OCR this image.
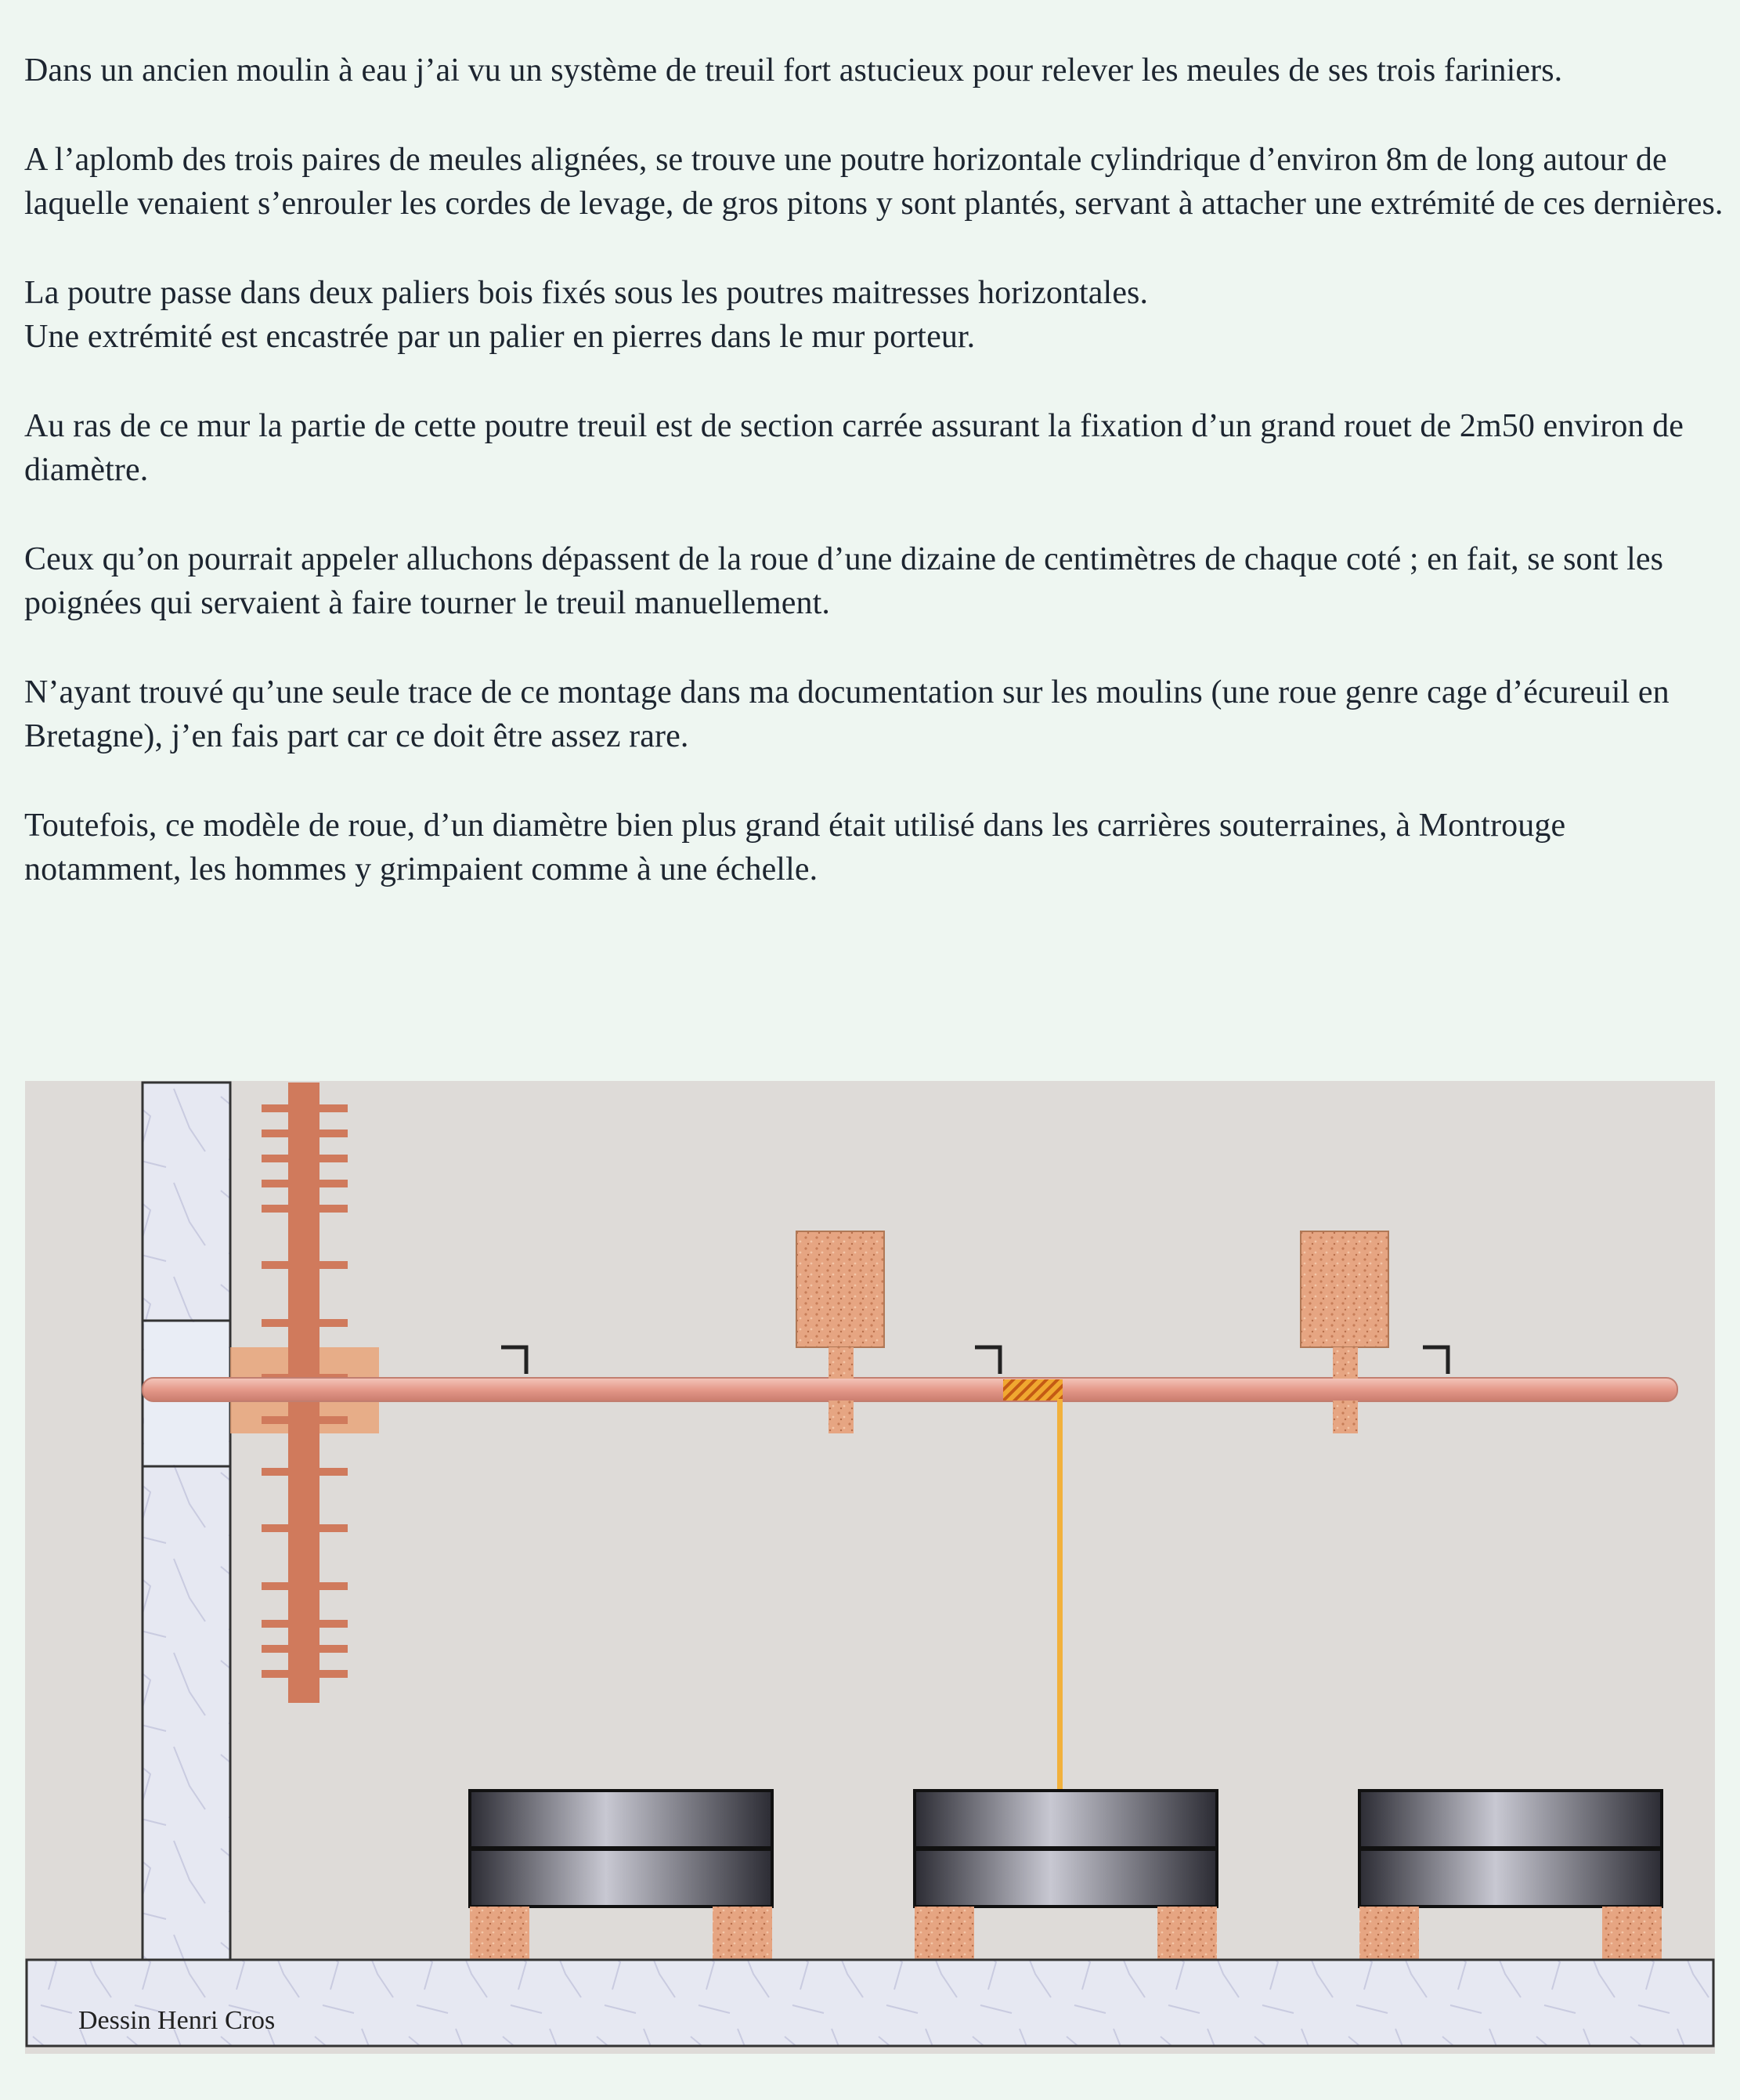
Dans un ancien moulin à eau j’ai vu un système de treuil fort astucieux pour relever les meules de ses trois fariniers.

A l’aplomb des trois paires de meules alignées, se trouve une poutre horizontale cylindrique d’environ 8m de long autour de laquelle venaient s’enrouler les cordes de levage, de gros pitons y sont plantés, servant à attacher une extrémité de ces dernières.

La poutre passe dans deux paliers bois fixés sous les poutres maitresses horizontales.
Une extrémité est encastrée par un palier en pierres dans le mur porteur.

Au ras de ce mur la partie de cette poutre treuil est de section carrée assurant la fixation d’un grand rouet de 2m50 environ de diamètre.

Ceux qu’on pourrait appeler alluchons dépassent de la roue d’une dizaine de centimètres de chaque coté ; en fait, se sont les poignées qui servaient à faire tourner le treuil manuellement.

N’ayant trouvé qu’une seule trace de ce montage dans ma documentation sur les moulins (une roue genre cage d’écureuil en Bretagne), j’en fais part car ce doit être assez rare.

Toutefois, ce modèle de roue, d’un diamètre bien plus grand était utilisé dans les carrières souterraines, à Montrouge notamment, les hommes y grimpaient comme à une échelle.

Dessin Henri Cros
